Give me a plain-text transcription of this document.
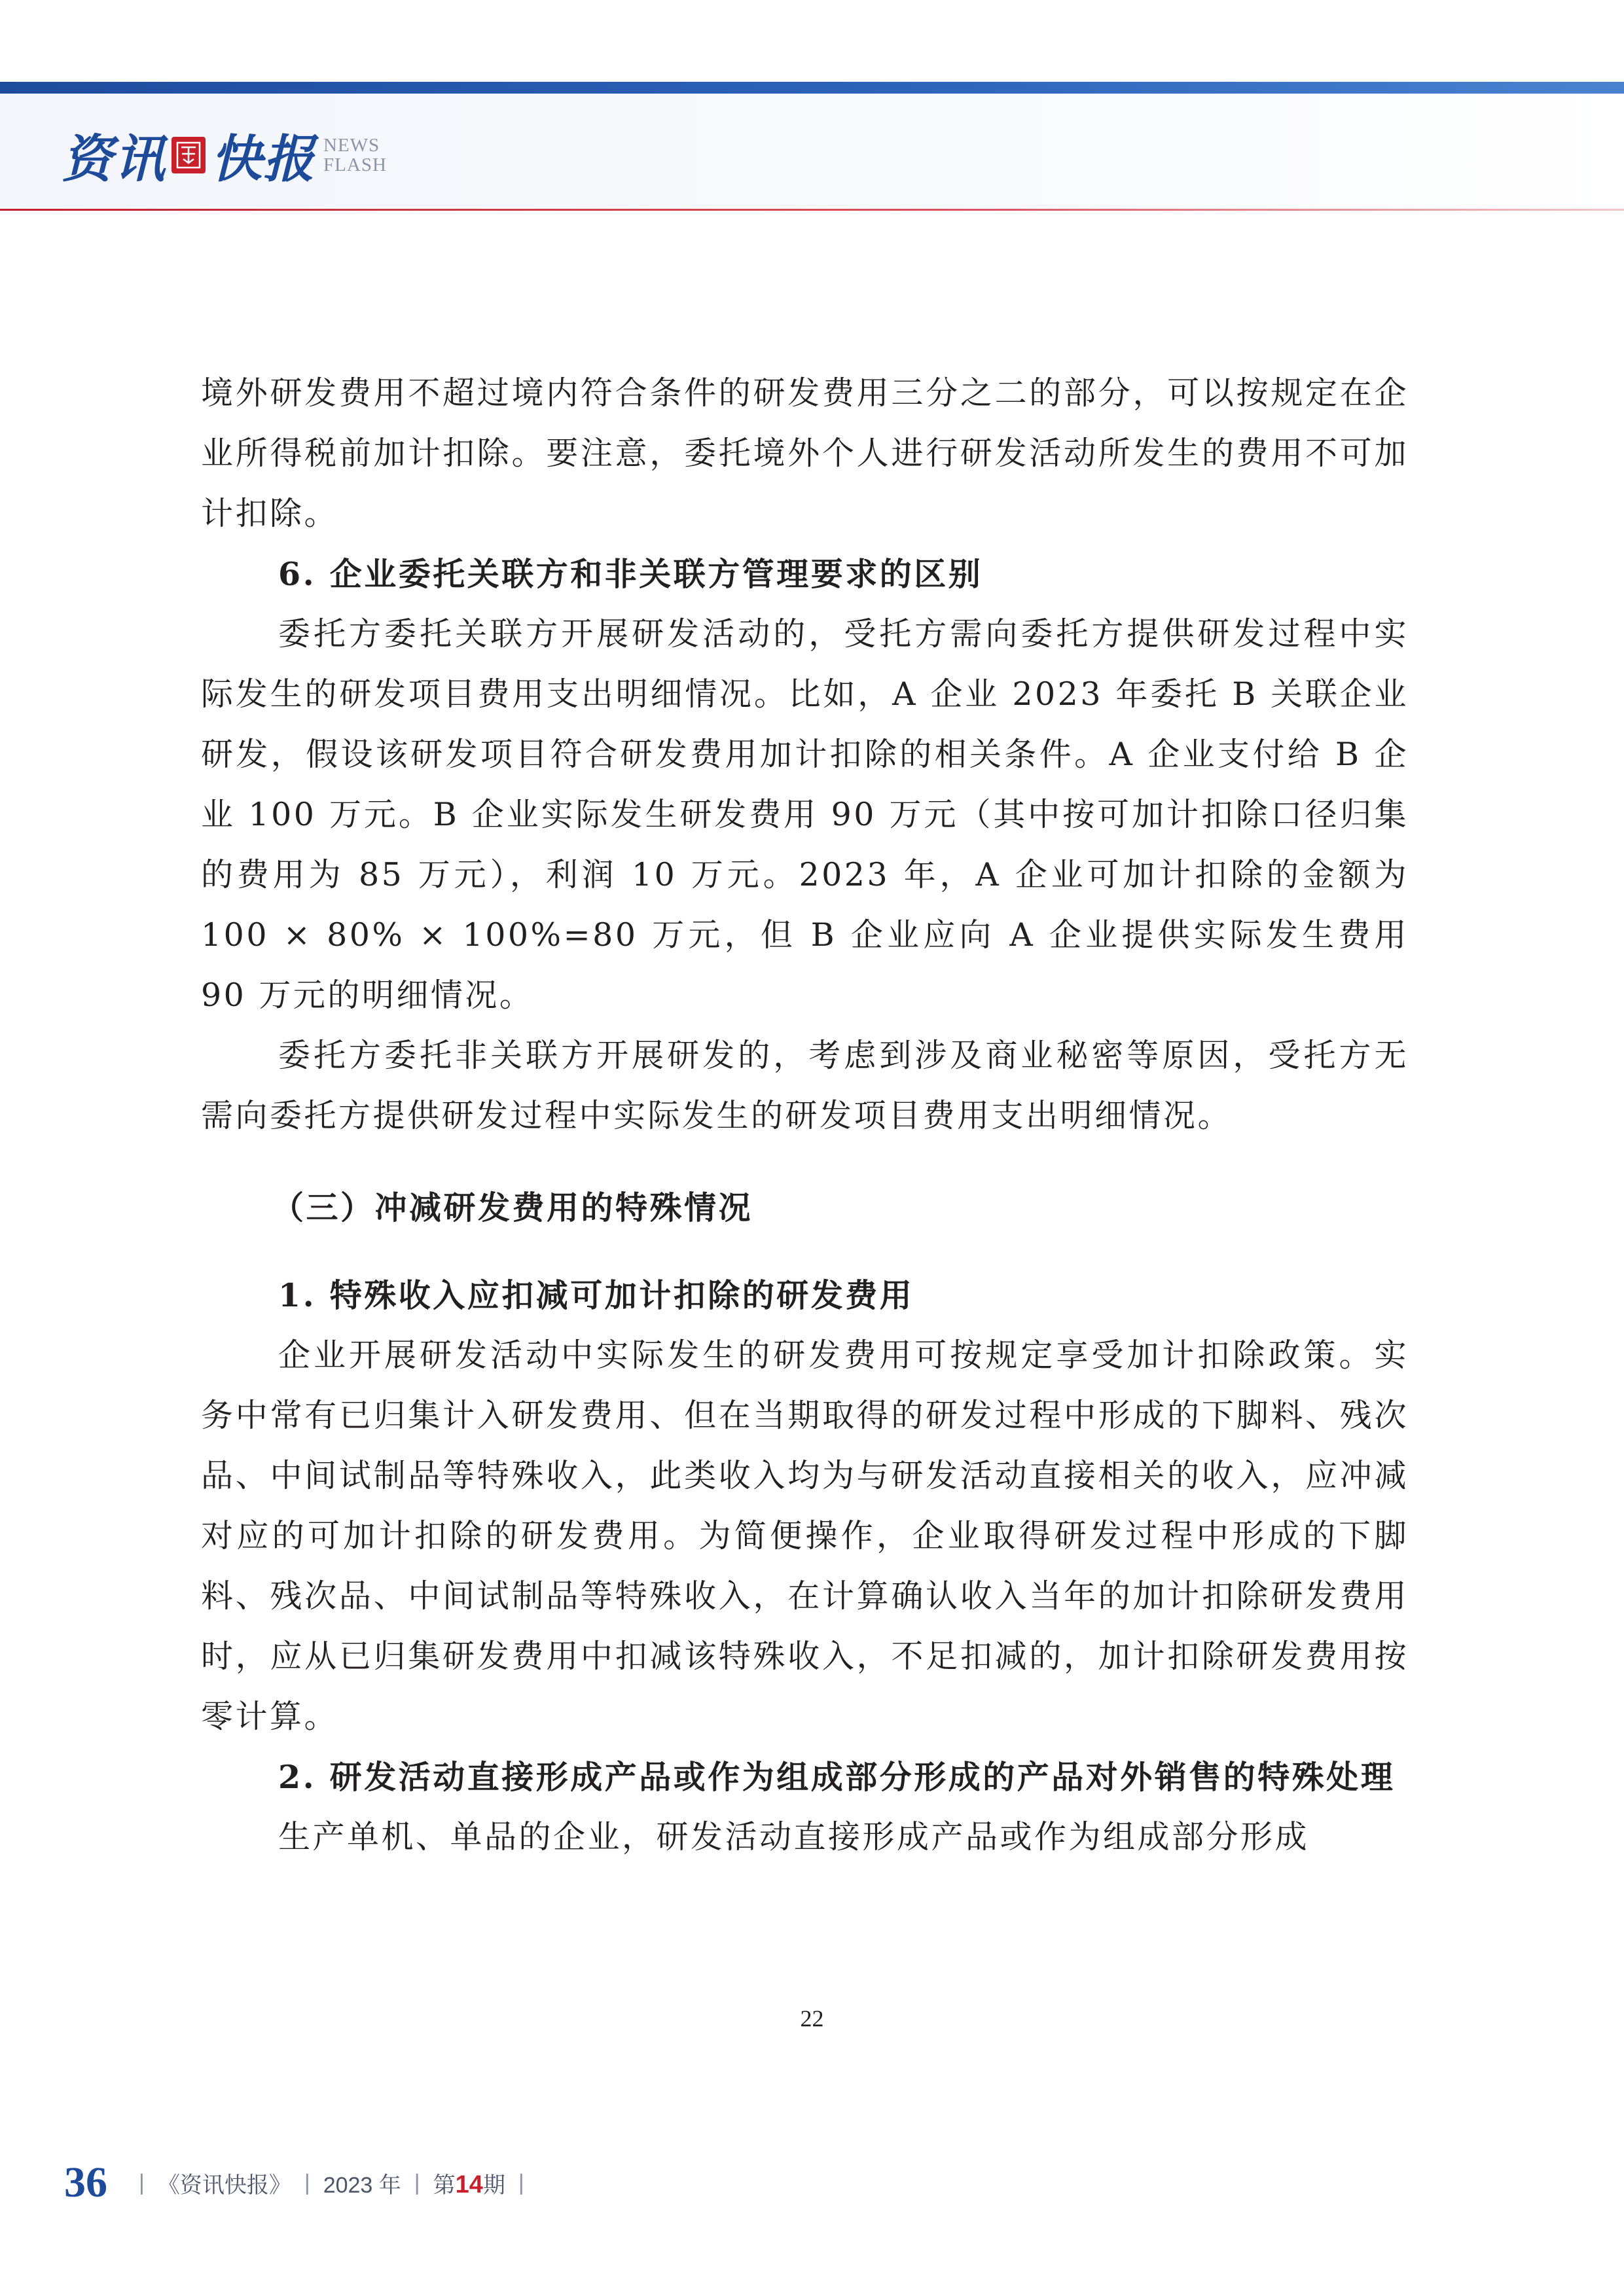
资讯 快报 NEWS
FLASH

境外研发费用不超过境内符合条件的研发费用三分之二的部分，可以按规定在企业所得税前加计扣除。要注意，委托境外个人进行研发活动所发生的费用不可加计扣除。

6. 企业委托关联方和非关联方管理要求的区别

委托方委托关联方开展研发活动的，受托方需向委托方提供研发过程中实际发生的研发项目费用支出明细情况。比如，A 企业 2023 年委托 B 关联企业研发，假设该研发项目符合研发费用加计扣除的相关条件。A 企业支付给 B 企业 100 万元。B 企业实际发生研发费用 90 万元（其中按可加计扣除口径归集的费用为 85 万元），利润 10 万元。2023 年，A 企业可加计扣除的金额为 100 × 80% × 100%=80 万元，但 B 企业应向 A 企业提供实际发生费用 90 万元的明细情况。

委托方委托非关联方开展研发的，考虑到涉及商业秘密等原因，受托方无需向委托方提供研发过程中实际发生的研发项目费用支出明细情况。

（三）冲减研发费用的特殊情况

1. 特殊收入应扣减可加计扣除的研发费用

企业开展研发活动中实际发生的研发费用可按规定享受加计扣除政策。实务中常有已归集计入研发费用、但在当期取得的研发过程中形成的下脚料、残次品、中间试制品等特殊收入，此类收入均为与研发活动直接相关的收入，应冲减对应的可加计扣除的研发费用。为简便操作，企业取得研发过程中形成的下脚料、残次品、中间试制品等特殊收入，在计算确认收入当年的加计扣除研发费用时，应从已归集研发费用中扣减该特殊收入，不足扣减的，加计扣除研发费用按零计算。

2. 研发活动直接形成产品或作为组成部分形成的产品对外销售的特殊处理

生产单机、单品的企业，研发活动直接形成产品或作为组成部分形成

22
36 | 《资讯快报》 | 2023 年 | 第14期 |
